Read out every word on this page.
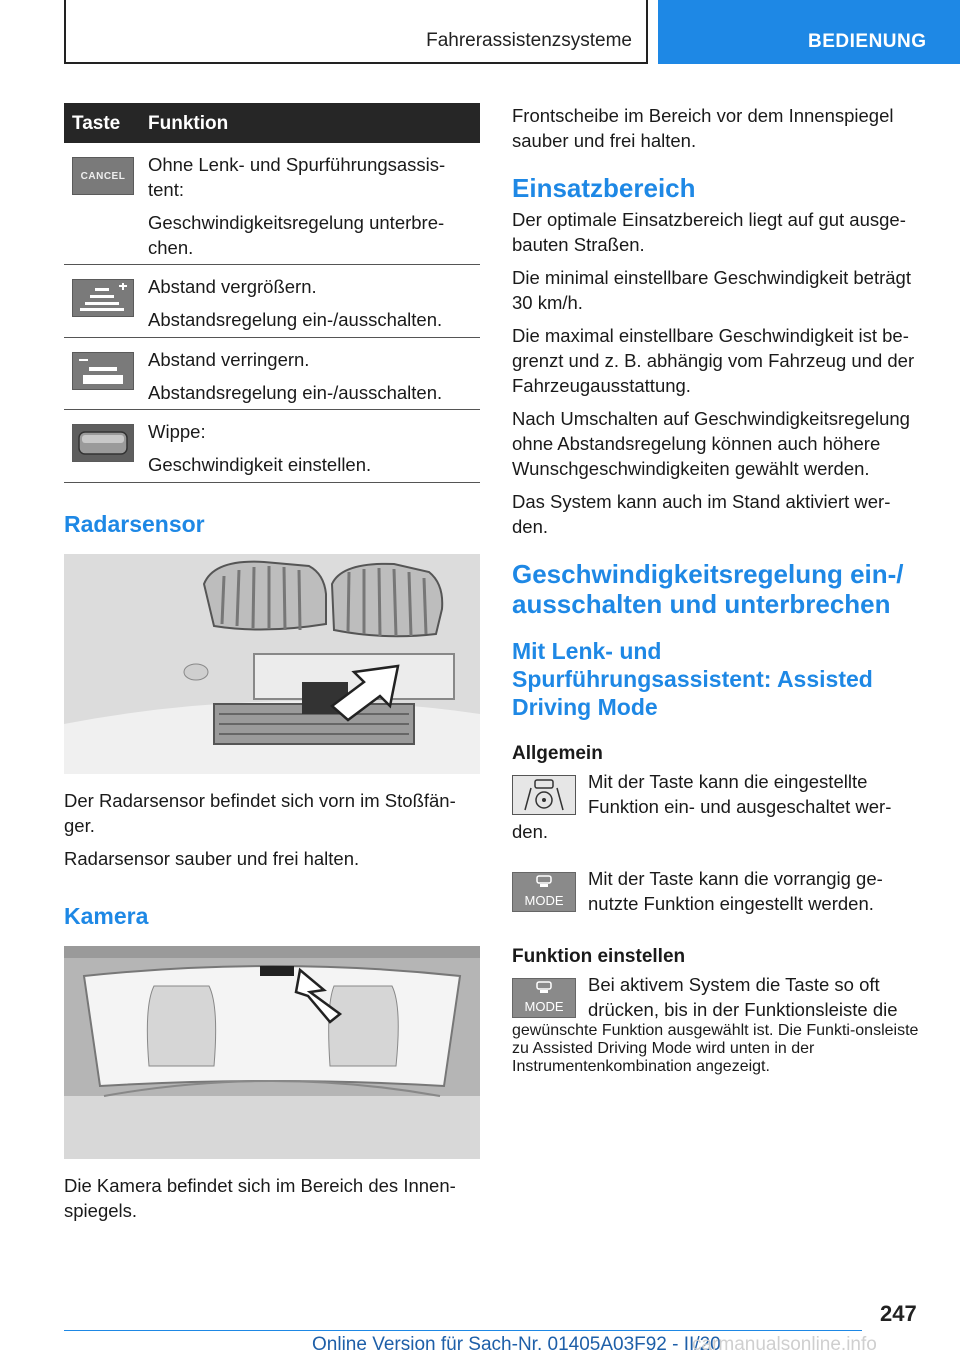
Fahrerassistenzsysteme	BEDIENUNG
Taste Funktion
CANCEL

Ohne Lenk- und Spurführungsassis-tent:

Geschwindigkeitsregelung unterbre-chen.

Abstand vergrößern.

Abstandsregelung ein-/ausschalten.

Abstand verringern.

Abstandsregelung ein-/ausschalten.

Wippe:

Geschwindigkeit einstellen.

Radarsensor

Der Radarsensor befindet sich vorn im Stoßfän-ger.

Radarsensor sauber und frei halten.

Kamera

Die Kamera befindet sich im Bereich des Innen-spiegels.

Frontscheibe im Bereich vor dem Innenspiegel sauber und frei halten.

Einsatzbereich

Der optimale Einsatzbereich liegt auf gut ausge-bauten Straßen.

Die minimal einstellbare Geschwindigkeit beträgt 30 km/h.

Die maximal einstellbare Geschwindigkeit ist be-grenzt und z. B. abhängig vom Fahrzeug und der Fahrzeugausstattung.

Nach Umschalten auf Geschwindigkeitsregelung ohne Abstandsregelung können auch höhere Wunschgeschwindigkeiten gewählt werden.

Das System kann auch im Stand aktiviert wer-den.

Geschwindigkeitsregelung ein-/ ausschalten und unterbrechen
Mit Lenk- und Spurführungsassistent: Assisted Driving Mode
Allgemein
Mit der Taste kann die eingestellte Funktion ein- und ausgeschaltet wer-
den.
MODE
Mit der Taste kann die vorrangig ge-nutzte Funktion eingestellt werden.
Funktion einstellen
MODE
Bei aktivem System die Taste so oft drücken, bis in der Funktionsleiste die
gewünschte Funktion ausgewählt ist. Die Funkti-onsleiste zu Assisted Driving Mode wird unten in der Instrumentenkombination angezeigt.
247
Online Version für Sach-Nr. 01405A03F92 - II/20
carmanualsonline.info
